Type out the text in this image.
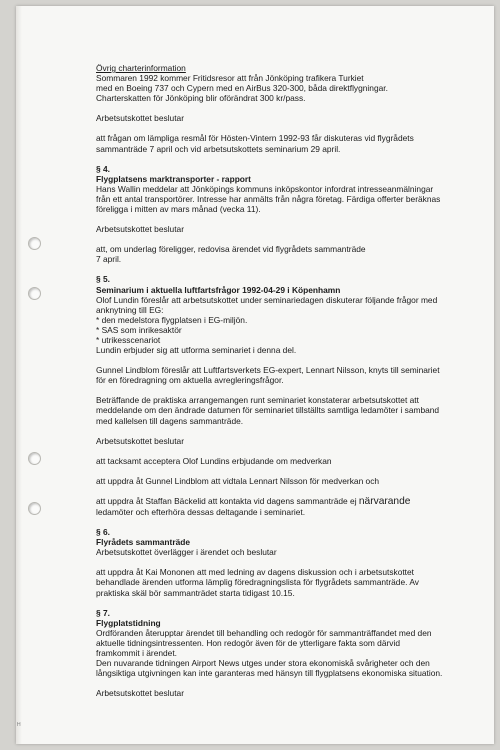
Övrig charterinformation

Sommaren 1992 kommer Fritidsresor att från Jönköping trafikera Turkiet

med en Boeing 737 och Cypern med en AirBus 320-300, båda direktflygningar.

Charterskatten för Jönköping blir oförändrat 300 kr/pass.

Arbetsutskottet beslutar

att frågan om lämpliga resmål för Hösten-Vintern 1992-93 får diskuteras vid flygrådets

sammanträde 7 april och vid arbetsutskottets seminarium 29 april.

§ 4.

Flygplatsens marktransporter - rapport

Hans Wallin meddelar att Jönköpings kommuns inköpskontor infordrat intresseanmälningar

från ett antal transportörer. Intresse har anmälts från några företag. Färdiga offerter beräknas

föreligga i mitten av mars månad (vecka 11).

Arbetsutskottet beslutar

att, om underlag föreligger, redovisa ärendet vid flygrådets sammanträde

7 april.

§ 5.

Seminarium i aktuella luftfartsfrågor 1992-04-29 i Köpenhamn

Olof Lundin föreslår att arbetsutskottet under seminariedagen diskuterar följande frågor med

anknytning till EG:

* den medelstora flygplatsen i EG-miljön.

* SAS som inrikesaktör

* utrikesscenariot

Lundin erbjuder sig att utforma seminariet i denna del.

Gunnel Lindblom föreslår att Luftfartsverkets EG-expert, Lennart Nilsson, knyts till seminariet

för en föredragning om aktuella avregleringsfrågor.

Beträffande de praktiska arrangemangen runt seminariet konstaterar arbetsutskottet att

meddelande om den ändrade datumen för seminariet tillställts samtliga ledamöter i samband

med kallelsen till dagens sammanträde.

Arbetsutskottet beslutar

att tacksamt acceptera Olof Lundins erbjudande om medverkan

att uppdra åt Gunnel Lindblom att vidtala Lennart Nilsson för medverkan och

att uppdra åt Staffan Bäckelid att kontakta vid dagens sammanträde ej närvarande

ledamöter och efterhöra dessas deltagande i seminariet.

§ 6.

Flyrådets sammanträde

Arbetsutskottet överlägger i ärendet och beslutar

att uppdra åt Kai Mononen att med ledning av dagens diskussion och i arbetsutskottet

behandlade ärenden utforma lämplig föredragningslista för flygrådets sammanträde. Av

praktiska skäl bör sammanträdet starta tidigast 10.15.

§ 7.

Flygplatstidning

Ordföranden återupptar ärendet till behandling och redogör för sammanträffandet med den

aktuelle tidningsintressenten. Hon redogör även för de ytterligare fakta som därvid

framkommit i ärendet.

Den nuvarande tidningen Airport News utges under stora ekonomiskå svårigheter och den

långsiktiga utgivningen kan inte garanteras med hänsyn till flygplatsens ekonomiska situation.

Arbetsutskottet beslutar

ᴴ
